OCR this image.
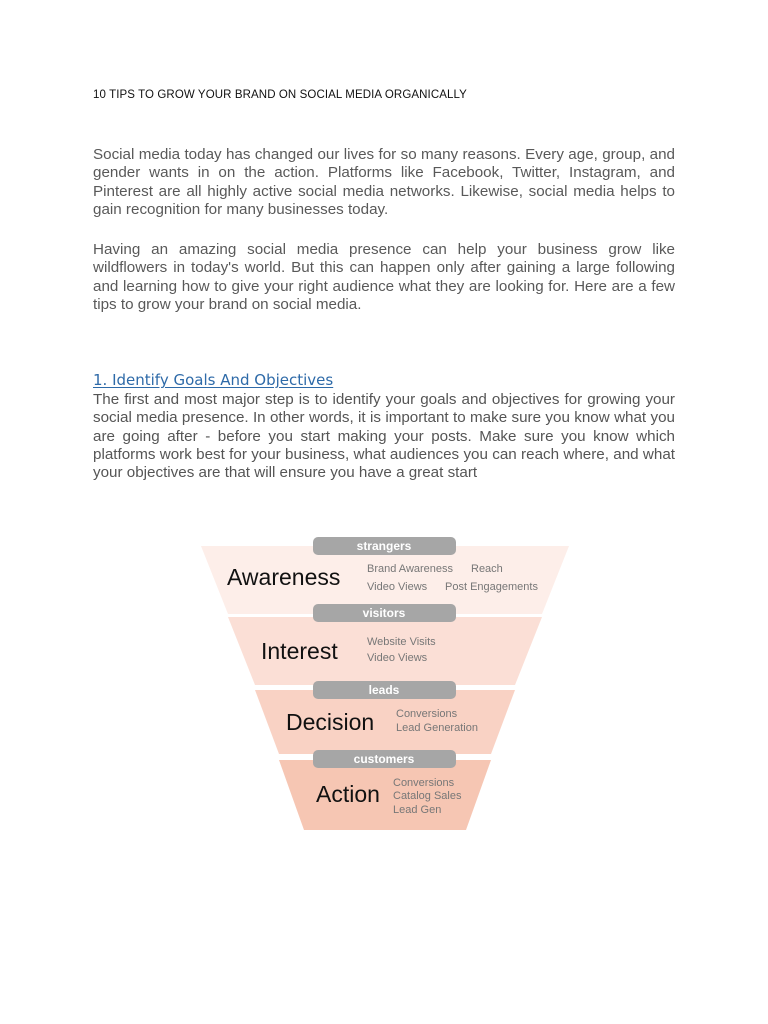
10 TIPS TO GROW YOUR BRAND ON SOCIAL MEDIA ORGANICALLY

Social media today has changed our lives for so many reasons. Every age, group, and gender wants in on the action. Platforms like Facebook, Twitter, Instagram, and Pinterest are all highly active social media networks. Likewise, social media helps to gain recognition for many businesses today.

Having an amazing social media presence can help your business grow like wildflowers in today's world. But this can happen only after gaining a large following and learning how to give your right audience what they are looking for. Here are a few tips to grow your brand on social media.

1. Identify Goals And Objectives

The first and most major step is to identify your goals and objectives for growing your social media presence. In other words, it is important to make sure you know what you are going after - before you start making your posts. Make sure you know which platforms work best for your business, what audiences you can reach where, and what your objectives are that will ensure you have a great start

strangers
visitors
leads
customers
Awareness
Interest
Decision
Action
Brand Awareness Reach
Video Views Post Engagements
Website Visits
Video Views
Conversions
Lead Generation
Conversions
Catalog Sales
Lead Gen
